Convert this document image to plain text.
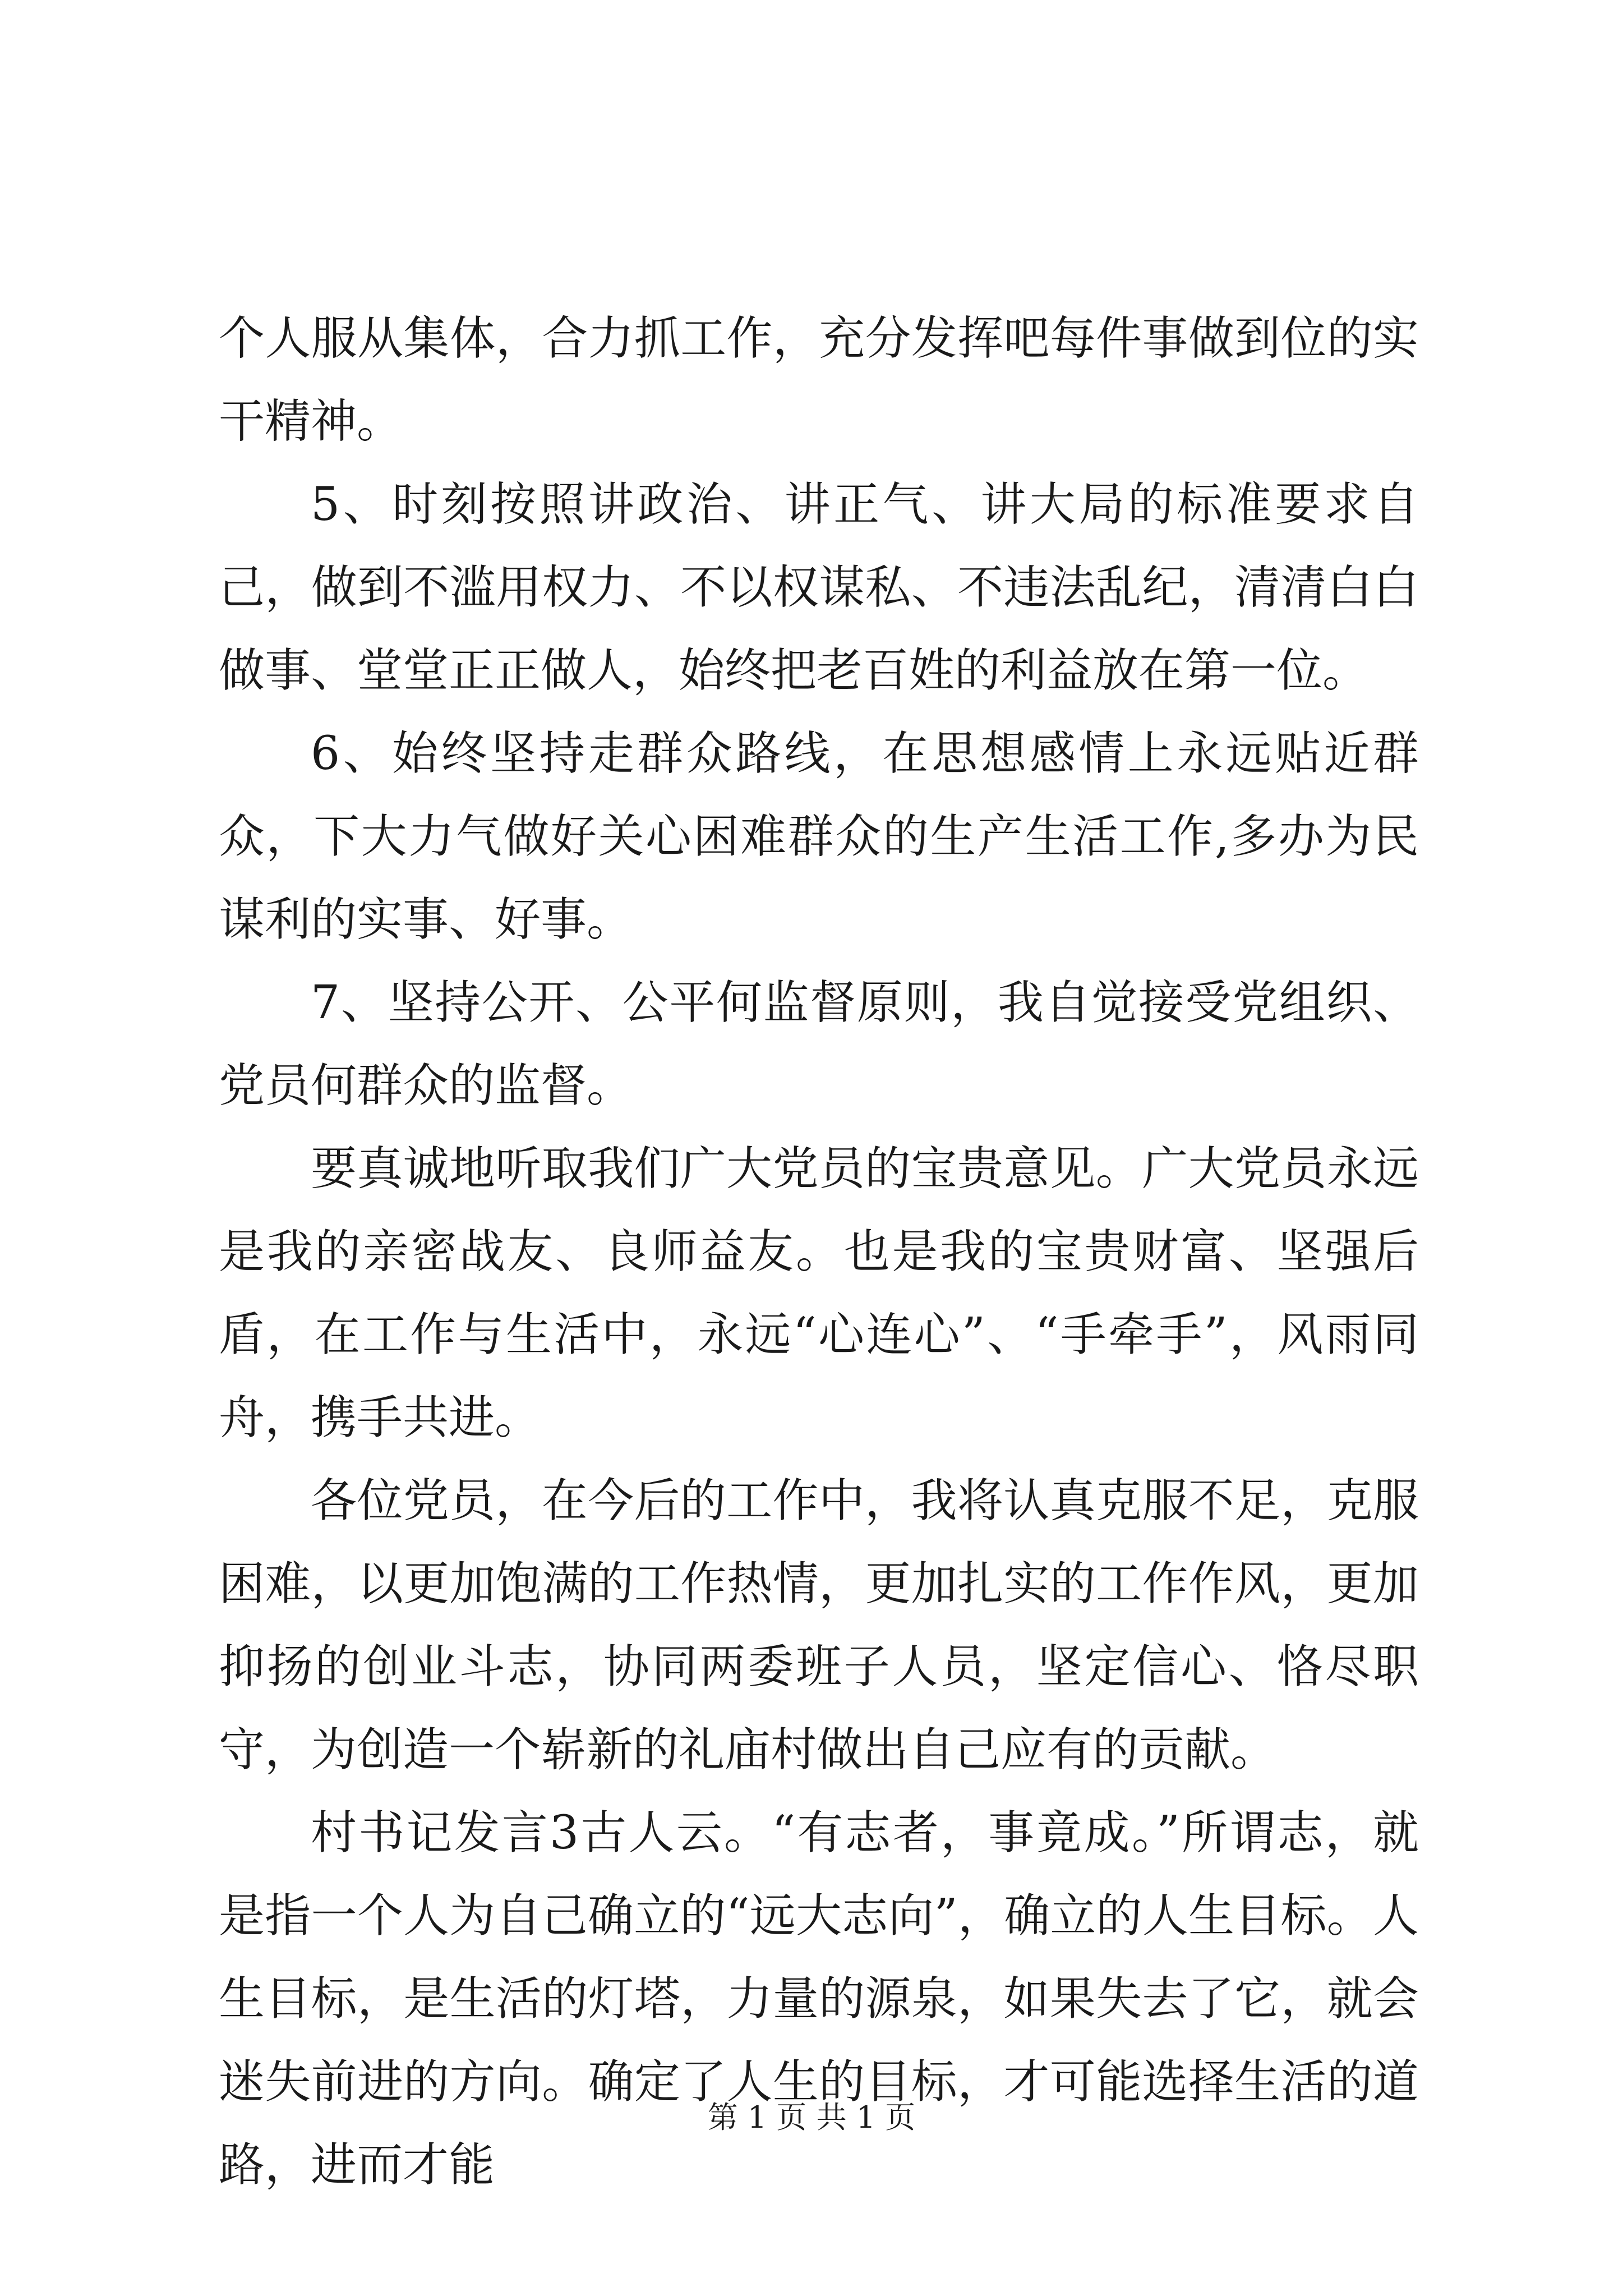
个人服从集体，合力抓工作，充分发挥吧每件事做到位的实干精神。

5、时刻按照讲政治、讲正气、讲大局的标准要求自己，做到不滥用权力、不以权谋私、不违法乱纪，清清白白做事、堂堂正正做人，始终把老百姓的利益放在第一位。

6、始终坚持走群众路线，在思想感情上永远贴近群众，下大力气做好关心困难群众的生产生活工作,多办为民谋利的实事、好事。

7、坚持公开、公平何监督原则，我自觉接受党组织、党员何群众的监督。

要真诚地听取我们广大党员的宝贵意见。广大党员永远是我的亲密战友、良师益友。也是我的宝贵财富、坚强后盾，在工作与生活中，永远“心连心”、“手牵手”，风雨同舟，携手共进。

各位党员，在今后的工作中，我将认真克服不足，克服困难，以更加饱满的工作热情，更加扎实的工作作风，更加抑扬的创业斗志，协同两委班子人员，坚定信心、恪尽职守，为创造一个崭新的礼庙村做出自己应有的贡献。

村书记发言3古人云。“有志者，事竟成。”所谓志，就是指一个人为自己确立的“远大志向”，确立的人生目标。人生目标，是生活的灯塔，力量的源泉，如果失去了它，就会迷失前进的方向。确定了人生的目标，才可能选择生活的道路，进而才能

第 1 页 共 1 页
